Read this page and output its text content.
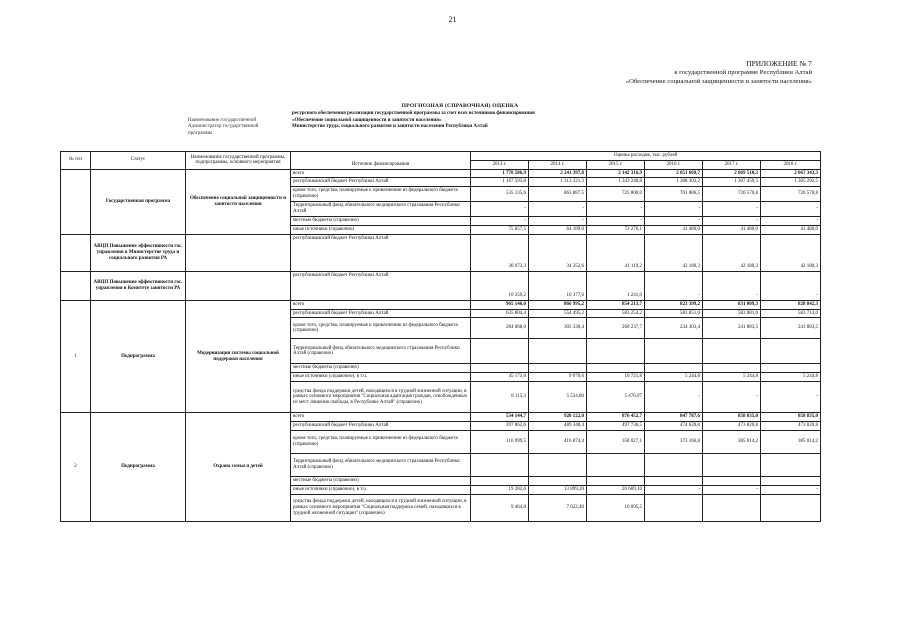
21
ПРИЛОЖЕНИЕ № 7
к государственной программе Республики Алтай
«Обеспечение социальной защищенности и занятости населения»
ПРОГНОЗНАЯ (СПРАВОЧНАЯ) ОЦЕНКА
ресурсного обеспечения реализации государственной программы за счет всех источников финансирования
Наименование государственной	«Обеспечение социальной защищенности и занятости населения»
Администратор государственной	Министерство труда, социального развития и занятости населения Республики Алтай
программы
№ п/п	Статус	Наименование государственной программы, подпрограммы, основного мероприятия	Источник финансирования	Оценка расходов, тыс. рублей					
				2013 г.	2014 г.	2015 г.	2016 г.	2017 г.	2018 г.
	Государственная программа	Обеспечение социальной защищенности и занятости населения	всего	1 778 586,9	2 241 397,8	2 142 316,9	2 051 669,7	2 069 510,3	2 067 343,3
			республиканский бюджет Республики Алтай	1 167 593,8	1 313 321,3	1 343 240,8	1 308 303,2	1 307 459,5	1 305 292,5
			кроме того, средства, планируемые к привлечению из федерального бюджета (справочно)	535 135,6	863 887,5	725 800,0	701 886,5	720 570,8	720 570,8
			Территориальный фонд обязательного медицинского страхования Республики Алтай	-	-	-	-	-	-
			местные бюджеты (справочно)	-	-	-	-	-	-
			иные источники (справочно)	75 857,5	64 189,0	73 276,1	41 480,0	41 480,0	41 480,0
	АВЦП Повышение эффективности гос. управления в Министерстве труда и социального развития РА		республиканский бюджет Республики Алтай	30 073,3	34 352,6	41 119,2	42 180,3	42 180,3	42 180,3
	АВЦП Повышение эффективности гос. управления в Комитете занятости РА		республиканский бюджет Республики Алтай	10 359,2	10 377,6	1 241,0	-	-	-
1	Подпрограмма	Модернизация системы социальной поддержки населения	всего	965 146,0	866 995,2	854 213,7	823 399,2	831 009,3	828 842,3
			республиканский бюджет Республики Алтай	635 804,4	554 495,2	583 254,2	583 851,0	583 881,0	583 714,0
			кроме того, средства, планируемые к привлечению из федерального бюджета (справочно)	284 068,0	303 330,4	260 237,7	234 303,4	241 883,5	241 883,5
			Территориальный фонд обязательного медицинского страхования Республики Алтай (справочно)						
			местные бюджеты (справочно)						
			иные источники (справочно), в т.ч.	45 173,6	9 070,6	10 721,8	5 244,8	5 244,8	5 244,8
			средства фонда поддержки детей, находящихся в трудной жизненной ситуации, в рамках основного мероприятия "Социальная адаптация граждан, освобожденных из мест лишения свободы, в Республике Алтай" (справочно)	8 115,3	5 534,80	5 476,97	-	-	-
2	Подпрограмма	Охрана семьи и детей	всего	534 144,7	920 122,0	876 452,7	847 787,6	858 835,0	858 835,0
			республиканский бюджет Республики Алтай	397 862,6	489 348,4	497 736,5	474 620,8	473 820,8	473 820,8
			кроме того, средства, планируемые к привлечению из федерального бюджета (справочно)	116 999,5	416 874,4	358 027,1	373 166,8	385 014,2	385 014,2
			Территориальный фонд обязательного медицинского страхования Республики Алтай (справочно)						
			местные бюджеты (справочно)						
			иные источники (справочно), в т.ч.	19 282,6	13 899,20	20 669,10	-	-	-
			средства фонда поддержки детей, находящихся в трудной жизненной ситуации, в рамках основного мероприятия "Социальная поддержка семей, находящихся в трудной жизненной ситуации" (справочно)	9 464,8	7 622,40	10 095,5			
